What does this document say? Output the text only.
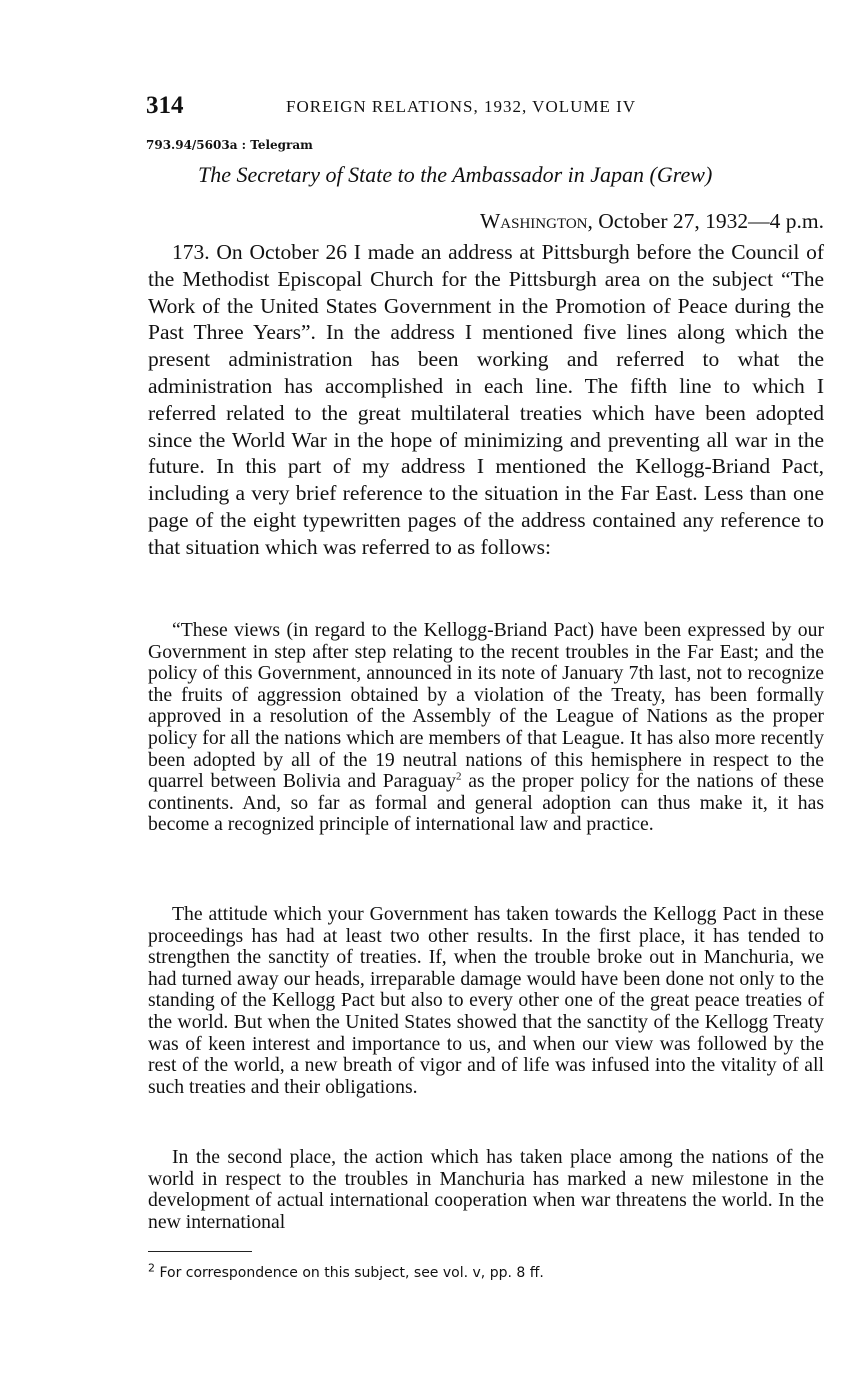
314	FOREIGN RELATIONS, 1932, VOLUME IV
793.94/5603a : Telegram
The Secretary of State to the Ambassador in Japan (Grew)
Washington, October 27, 1932—4 p.m.

173. On October 26 I made an address at Pittsburgh before the Council of the Methodist Episcopal Church for the Pittsburgh area on the subject “The Work of the United States Government in the Promotion of Peace during the Past Three Years”. In the address I mentioned five lines along which the present administration has been working and referred to what the administration has accomplished in each line. The fifth line to which I referred related to the great multilateral treaties which have been adopted since the World War in the hope of minimizing and preventing all war in the future. In this part of my address I mentioned the Kellogg-Briand Pact, including a very brief reference to the situation in the Far East. Less than one page of the eight typewritten pages of the address contained any reference to that situation which was referred to as follows:

“These views (in regard to the Kellogg-Briand Pact) have been expressed by our Government in step after step relating to the recent troubles in the Far East; and the policy of this Government, announced in its note of January 7th last, not to recognize the fruits of aggression obtained by a violation of the Treaty, has been formally approved in a resolution of the Assembly of the League of Nations as the proper policy for all the nations which are members of that League. It has also more recently been adopted by all of the 19 neutral nations of this hemisphere in respect to the quarrel between Bolivia and Paraguay$^2$ as the proper policy for the nations of these continents. And, so far as formal and general adoption can thus make it, it has become a recognized principle of international law and practice.

The attitude which your Government has taken towards the Kellogg Pact in these proceedings has had at least two other results. In the first place, it has tended to strengthen the sanctity of treaties. If, when the trouble broke out in Manchuria, we had turned away our heads, irreparable damage would have been done not only to the standing of the Kellogg Pact but also to every other one of the great peace treaties of the world. But when the United States showed that the sanctity of the Kellogg Treaty was of keen interest and importance to us, and when our view was followed by the rest of the world, a new breath of vigor and of life was infused into the vitality of all such treaties and their obligations.

In the second place, the action which has taken place among the nations of the world in respect to the troubles in Manchuria has marked a new milestone in the development of actual international cooperation when war threatens the world. In the new international

$^2$ For correspondence on this subject, see vol. v, pp. 8 ff.
